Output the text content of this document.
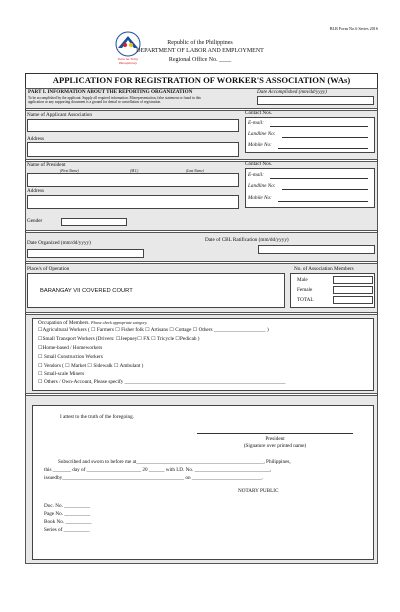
BLR Form No.6 Series 2016
Para Sa Tuloy
Hanapbuhay
Republic of the Philippines
DEPARTMENT OF LABOR AND EMPLOYMENT
Regional Office No. ____
APPLICATION FOR REGISTRATION OF WORKER'S ASSOCIATION (WAs)
PART I. INFORMATION ABOUT THE REPORTING ORGANIZATION
To be accomplished by the applicant. Supply all required information. Misrepresentation, false statement or fraud in this
application or any supporting document is a ground for denial or cancellation of registration.
Date Accomplished (mm/dd/yyyy)
Name of Applicant Association
Address
Contact Nos.
E-mail:
Landline No:
Mobile No:
Name of President
(First Name)	(M.I.)	(Last Name)
Address
Contact Nos.
E-mail:
Landline No:
Mobile No:
Gender
Date Organized (mm/dd/yyyy)	Date of CBL Ratification (mm/dd/yyyy)
Place/s of Operation
BARANGAY VII COVERED COURT
No. of Association Members
Male
Female
TOTAL
Occupation of Members. Please check appropriate category.
☐Agricultural Workers ( ☐ Farmers ☐ Fisher folk ☐ Artisans ☐ Cottage ☐ Others ____________________ )
☐Small Transport Workers (Drivers: ☐Jeepney☐ FX ☐ Tricycle ☐Pedicab )
☐Home-based / Homeworkers
☐ Small Construction Workers
☐ Vendors ( ☐ Market ☐ Sidewalk ☐ Ambulant )
☐ Small-scale Miners
☐ Others / Own-Account, Please specify ______________________________________________________________
I attest to the truth of the foregoing.
President
(Signature over printed name)
Subscribed and sworn to before me at_________________________________________________, Philippines,
this _______ day of _____________________ 20 ______ with I.D. No. _____________________________,
issuedby_______________________________________________ on ___________________________.
NOTARY PUBLIC
Doc. No. __________
Page No. __________
Book No. __________
Series of __________
